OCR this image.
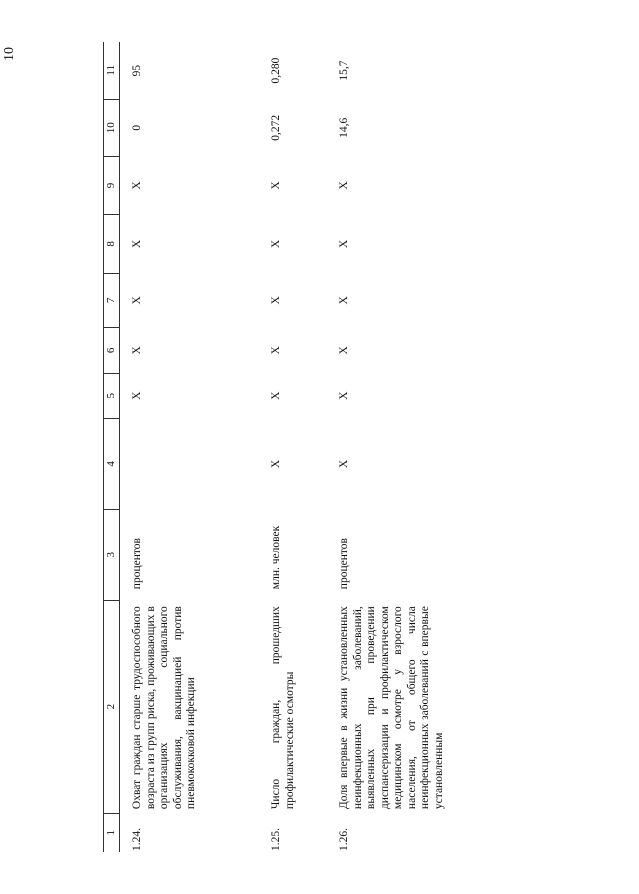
10
1	2	3	4	5	6	7	8	9	10	11
1.24.	Охват граждан старше трудоспособного возраста из групп риска, проживающих в организациях социального обслуживания, вакцинацией против пневмококковой инфекции	процентов		X	X	X	X	X	0	95
1.25.	Число граждан, прошедших профилактические осмотры	млн. человек	X	X	X	X	X	X	0,272	0,280
1.26.	Доля впервые в жизни установленных неинфекционных заболеваний, выявленных при проведении диспансеризации и профилактическом медицинском осмотре у взрослого населения, от общего числа неинфекционных заболеваний с впервые установленным	процентов	X	X	X	X	X	X	14,6	15,7
